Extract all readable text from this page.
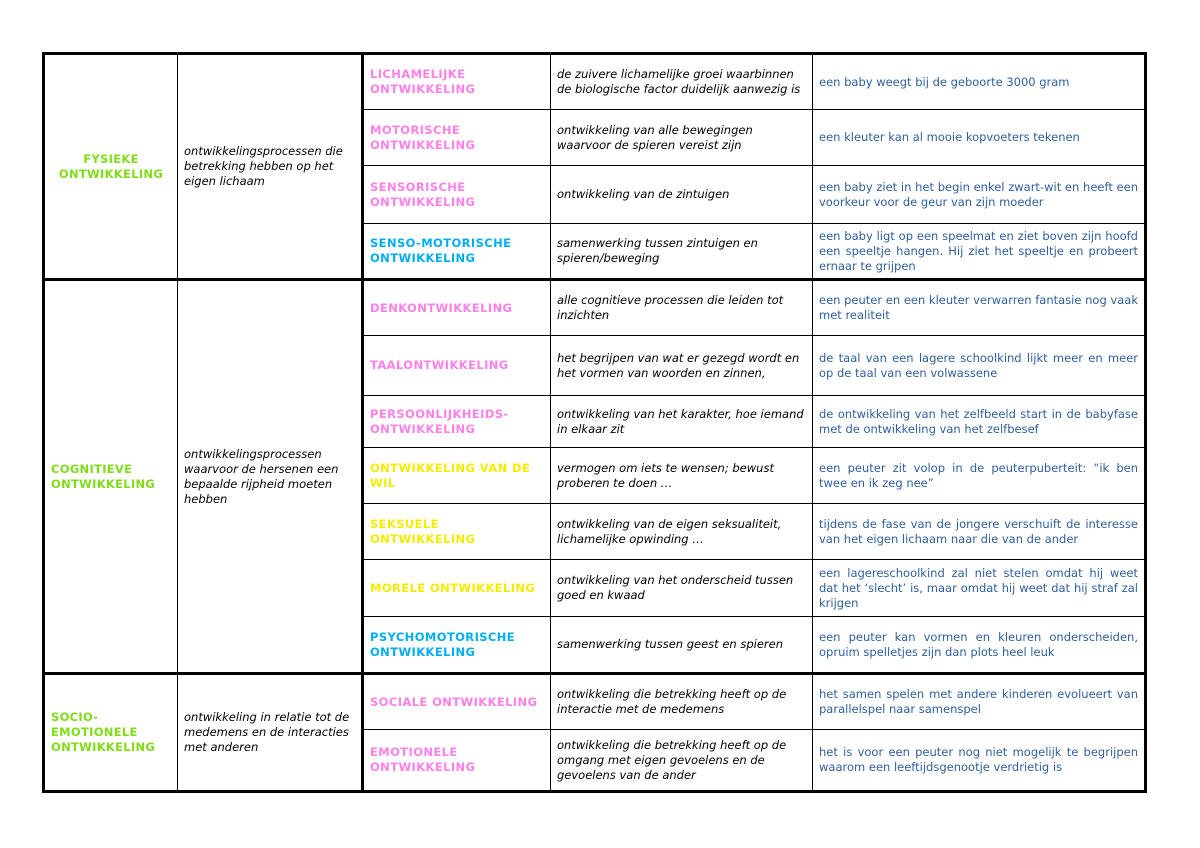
FYSIEKE ONTWIKKELING	ontwikkelingsprocessen die betrekking hebben op het eigen lichaam	LICHAMELIJKE ONTWIKKELING	de zuivere lichamelijke groei waarbinnen de biologische factor duidelijk aanwezig is	een baby weegt bij de geboorte 3000 gram
		MOTORISCHE ONTWIKKELING	ontwikkeling van alle bewegingen waarvoor de spieren vereist zijn	een kleuter kan al mooie kopvoeters tekenen
		SENSORISCHE ONTWIKKELING	ontwikkeling van de zintuigen	een baby ziet in het begin enkel zwart-wit en heeft een voorkeur voor de geur van zijn moeder
		SENSO-MOTORISCHE ONTWIKKELING	samenwerking tussen zintuigen en spieren/beweging	een baby ligt op een speelmat en ziet boven zijn hoofd een speeltje hangen. Hij ziet het speeltje en probeert ernaar te grijpen
COGNITIEVE ONTWIKKELING	ontwikkelingsprocessen waarvoor de hersenen een bepaalde rijpheid moeten hebben	DENKONTWIKKELING	alle cognitieve processen die leiden tot inzichten	een peuter en een kleuter verwarren fantasie nog vaak met realiteit
		TAALONTWIKKELING	het begrijpen van wat er gezegd wordt en het vormen van woorden en zinnen,	de taal van een lagere schoolkind lijkt meer en meer op de taal van een volwassene
		PERSOONLIJKHEIDS-ONTWIKKELING	ontwikkeling van het karakter, hoe iemand in elkaar zit	de ontwikkeling van het zelfbeeld start in de babyfase met de ontwikkeling van het zelfbesef
		ONTWIKKELING VAN DE WIL	vermogen om iets te wensen; bewust proberen te doen …	een peuter zit volop in de peuterpuberteit: “ik ben twee en ik zeg nee”
		SEKSUELE ONTWIKKELING	ontwikkeling van de eigen seksualiteit, lichamelijke opwinding …	tijdens de fase van de jongere verschuift de interesse van het eigen lichaam naar die van de ander
		MORELE ONTWIKKELING	ontwikkeling van het onderscheid tussen goed en kwaad	een lagereschoolkind zal niet stelen omdat hij weet dat het ‘slecht’ is, maar omdat hij weet dat hij straf zal krijgen
		PSYCHOMOTORISCHE ONTWIKKELING	samenwerking tussen geest en spieren	een peuter kan vormen en kleuren onderscheiden, opruim spelletjes zijn dan plots heel leuk
SOCIO-EMOTIONELE ONTWIKKELING	ontwikkeling in relatie tot de medemens en de interacties met anderen	SOCIALE ONTWIKKELING	ontwikkeling die betrekking heeft op de interactie met de medemens	het samen spelen met andere kinderen evolueert van parallelspel naar samenspel
		EMOTIONELE ONTWIKKELING	ontwikkeling die betrekking heeft op de omgang met eigen gevoelens en de gevoelens van de ander	het is voor een peuter nog niet mogelijk te begrijpen waarom een leeftijdsgenootje verdrietig is
